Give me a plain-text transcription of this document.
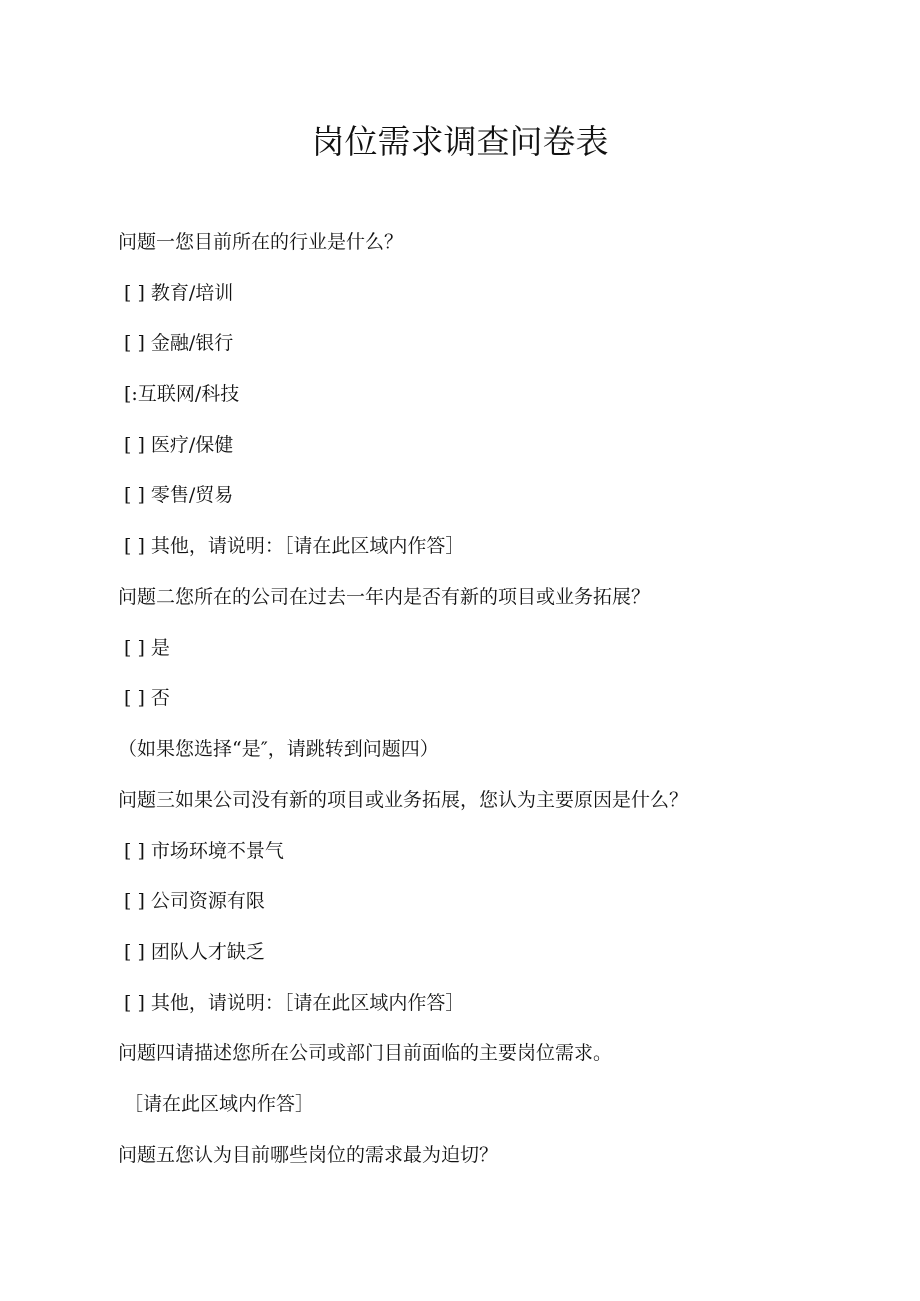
岗位需求调查问卷表
问题一您目前所在的行业是什么？
[ ] 教育/培训
[ ] 金融/银行
[:互联网/科技
[ ] 医疗/保健
[ ] 零售/贸易
[ ] 其他，请说明：［请在此区域内作答］
问题二您所在的公司在过去一年内是否有新的项目或业务拓展？
[ ] 是
[ ] 否
（如果您选择“是″，请跳转到问题四）
问题三如果公司没有新的项目或业务拓展，您认为主要原因是什么？
[ ] 市场环境不景气
[ ] 公司资源有限
[ ] 团队人才缺乏
[ ] 其他，请说明：［请在此区域内作答］
问题四请描述您所在公司或部门目前面临的主要岗位需求。
［请在此区域内作答］
问题五您认为目前哪些岗位的需求最为迫切？
